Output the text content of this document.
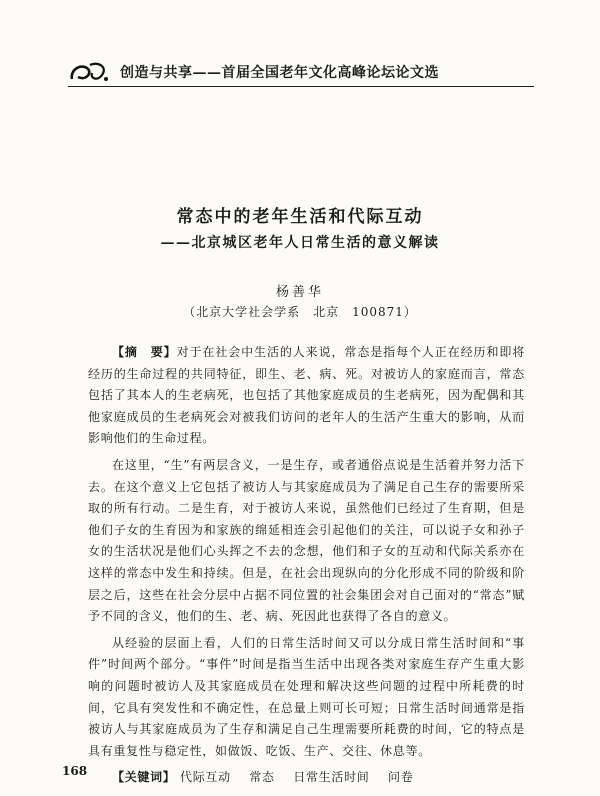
创造与共享——首届全国老年文化高峰论坛论文选
常态中的老年生活和代际互动
——北京城区老年人日常生活的意义解读
杨善华
（北京大学社会学系　北京　100871）

【摘　要】对于在社会中生活的人来说，常态是指每个人正在经历和即将经历的生命过程的共同特征，即生、老、病、死。对被访人的家庭而言，常态包括了其本人的生老病死，也包括了其他家庭成员的生老病死，因为配偶和其他家庭成员的生老病死会对被我们访问的老年人的生活产生重大的影响，从而影响他们的生命过程。

在这里，“生”有两层含义，一是生存，或者通俗点说是生活着并努力活下去。在这个意义上它包括了被访人与其家庭成员为了满足自己生存的需要所采取的所有行动。二是生育，对于被访人来说，虽然他们已经过了生育期，但是他们子女的生育因为和家族的绵延相连会引起他们的关注，可以说子女和孙子女的生活状况是他们心头挥之不去的念想，他们和子女的互动和代际关系亦在这样的常态中发生和持续。但是，在社会出现纵向的分化形成不同的阶级和阶层之后，这些在社会分层中占据不同位置的社会集团会对自己面对的“常态”赋予不同的含义，他们的生、老、病、死因此也获得了各自的意义。

从经验的层面上看，人们的日常生活时间又可以分成日常生活时间和“事件”时间两个部分。“事件”时间是指当生活中出现各类对家庭生存产生重大影响的问题时被访人及其家庭成员在处理和解决这些问题的过程中所耗费的时间，它具有突发性和不确定性，在总量上则可长可短；日常生活时间通常是指被访人与其家庭成员为了生存和满足自己生理需要所耗费的时间，它的特点是具有重复性与稳定性，如做饭、吃饭、生产、交往、休息等。

【关键词】 代际互动 常态 日常生活时间 问卷

168
